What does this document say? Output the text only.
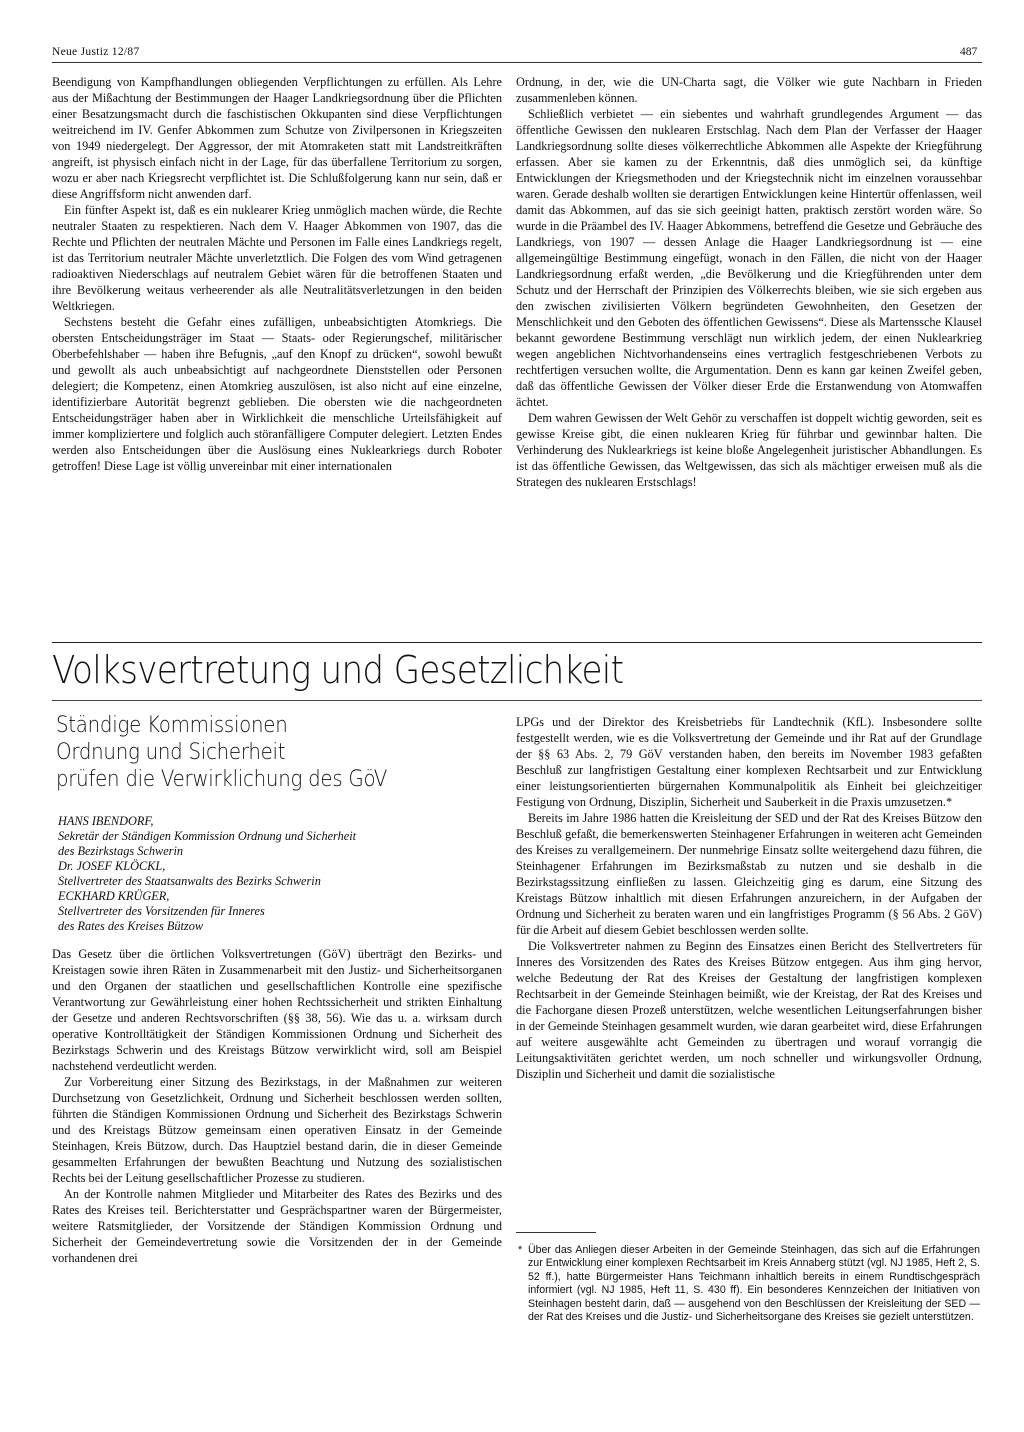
Neue Justiz 12/87	487

Beendigung von Kampfhandlungen obliegenden Verpflichtungen zu erfüllen. Als Lehre aus der Mißachtung der Bestimmungen der Haager Landkriegsordnung über die Pflichten einer Besatzungsmacht durch die faschistischen Okkupanten sind diese Verpflichtungen weitreichend im IV. Genfer Abkommen zum Schutze von Zivilpersonen in Kriegszeiten von 1949 niedergelegt. Der Aggressor, der mit Atomraketen statt mit Landstreitkräften angreift, ist physisch einfach nicht in der Lage, für das überfallene Territorium zu sorgen, wozu er aber nach Kriegsrecht verpflichtet ist. Die Schlußfolgerung kann nur sein, daß er diese Angriffsform nicht anwenden darf.

Ein fünfter Aspekt ist, daß es ein nuklearer Krieg unmöglich machen würde, die Rechte neutraler Staaten zu respektieren. Nach dem V. Haager Abkommen von 1907, das die Rechte und Pflichten der neutralen Mächte und Personen im Falle eines Landkriegs regelt, ist das Territorium neutraler Mächte unverletztlich. Die Folgen des vom Wind getragenen radioaktiven Niederschlags auf neutralem Gebiet wären für die betroffenen Staaten und ihre Bevölkerung weitaus verheerender als alle Neutralitätsverletzungen in den beiden Weltkriegen.

Sechstens besteht die Gefahr eines zufälligen, unbeabsichtigten Atomkriegs. Die obersten Entscheidungsträger im Staat — Staats- oder Regierungschef, militärischer Oberbefehlshaber — haben ihre Befugnis, „auf den Knopf zu drücken“, sowohl bewußt und gewollt als auch unbeabsichtigt auf nachgeordnete Dienststellen oder Personen delegiert; die Kompetenz, einen Atomkrieg auszulösen, ist also nicht auf eine einzelne, identifizierbare Autorität begrenzt geblieben. Die obersten wie die nachgeordneten Entscheidungsträger haben aber in Wirklichkeit die menschliche Urteilsfähigkeit auf immer kompliziertere und folglich auch störanfälligere Computer delegiert. Letzten Endes werden also Entscheidungen über die Auslösung eines Nuklearkriegs durch Roboter getroffen! Diese Lage ist völlig unvereinbar mit einer internationalen

Ordnung, in der, wie die UN-Charta sagt, die Völker wie gute Nachbarn in Frieden zusammenleben können.

Schließlich verbietet — ein siebentes und wahrhaft grundlegendes Argument — das öffentliche Gewissen den nuklearen Erstschlag. Nach dem Plan der Verfasser der Haager Landkriegsordnung sollte dieses völkerrechtliche Abkommen alle Aspekte der Kriegführung erfassen. Aber sie kamen zu der Erkenntnis, daß dies unmöglich sei, da künftige Entwicklungen der Kriegsmethoden und der Kriegstechnik nicht im einzelnen voraussehbar waren. Gerade deshalb wollten sie derartigen Entwicklungen keine Hintertür offenlassen, weil damit das Abkommen, auf das sie sich geeinigt hatten, praktisch zerstört worden wäre. So wurde in die Präambel des IV. Haager Abkommens, betreffend die Gesetze und Gebräuche des Landkriegs, von 1907 — dessen Anlage die Haager Landkriegsordnung ist — eine allgemeingültige Bestimmung eingefügt, wonach in den Fällen, die nicht von der Haager Landkriegsordnung erfaßt werden, „die Bevölkerung und die Kriegführenden unter dem Schutz und der Herrschaft der Prinzipien des Völkerrechts bleiben, wie sie sich ergeben aus den zwischen zivilisierten Völkern begründeten Gewohnheiten, den Gesetzen der Menschlichkeit und den Geboten des öffentlichen Gewissens“. Diese als Martenssche Klausel bekannt gewordene Bestimmung verschlägt nun wirklich jedem, der einen Nuklearkrieg wegen angeblichen Nichtvorhandenseins eines vertraglich festgeschriebenen Verbots zu rechtfertigen versuchen wollte, die Argumentation. Denn es kann gar keinen Zweifel geben, daß das öffentliche Gewissen der Völker dieser Erde die Erstanwendung von Atomwaffen ächtet.

Dem wahren Gewissen der Welt Gehör zu verschaffen ist doppelt wichtig geworden, seit es gewisse Kreise gibt, die einen nuklearen Krieg für führbar und gewinnbar halten. Die Verhinderung des Nuklearkriegs ist keine bloße Angelegenheit juristischer Abhandlungen. Es ist das öffentliche Gewissen, das Weltgewissen, das sich als mächtiger erweisen muß als die Strategen des nuklearen Erstschlags!

Volksvertretung und Gesetzlichkeit
Ständige Kommissionen
Ordnung und Sicherheit
prüfen die Verwirklichung des GöV
HANS IBENDORF,
Sekretär der Ständigen Kommission Ordnung und Sicherheit
des Bezirkstags Schwerin
Dr. JOSEF KLÖCKL,
Stellvertreter des Staatsanwalts des Bezirks Schwerin
ECKHARD KRÜGER,
Stellvertreter des Vorsitzenden für Inneres
des Rates des Kreises Bützow

Das Gesetz über die örtlichen Volksvertretungen (GöV) überträgt den Bezirks- und Kreistagen sowie ihren Räten in Zusammenarbeit mit den Justiz- und Sicherheitsorganen und den Organen der staatlichen und gesellschaftlichen Kontrolle eine spezifische Verantwortung zur Gewährleistung einer hohen Rechtssicherheit und strikten Einhaltung der Gesetze und anderen Rechtsvorschriften (§§ 38, 56). Wie das u. a. wirksam durch operative Kontrolltätigkeit der Ständigen Kommissionen Ordnung und Sicherheit des Bezirkstags Schwerin und des Kreistags Bützow verwirklicht wird, soll am Beispiel nachstehend verdeutlicht werden.

Zur Vorbereitung einer Sitzung des Bezirkstags, in der Maßnahmen zur weiteren Durchsetzung von Gesetzlichkeit, Ordnung und Sicherheit beschlossen werden sollten, führten die Ständigen Kommissionen Ordnung und Sicherheit des Bezirkstags Schwerin und des Kreistags Bützow gemeinsam einen operativen Einsatz in der Gemeinde Steinhagen, Kreis Bützow, durch. Das Hauptziel bestand darin, die in dieser Gemeinde gesammelten Erfahrungen der bewußten Beachtung und Nutzung des sozialistischen Rechts bei der Leitung gesellschaftlicher Prozesse zu studieren.

An der Kontrolle nahmen Mitglieder und Mitarbeiter des Rates des Bezirks und des Rates des Kreises teil. Berichterstatter und Gesprächspartner waren der Bürgermeister, weitere Ratsmitglieder, der Vorsitzende der Ständigen Kommission Ordnung und Sicherheit der Gemeindevertretung sowie die Vorsitzenden der in der Gemeinde vorhandenen drei

LPGs und der Direktor des Kreisbetriebs für Landtechnik (KfL). Insbesondere sollte festgestellt werden, wie es die Volksvertretung der Gemeinde und ihr Rat auf der Grundlage der §§ 63 Abs. 2, 79 GöV verstanden haben, den bereits im November 1983 gefaßten Beschluß zur langfristigen Gestaltung einer komplexen Rechtsarbeit und zur Entwicklung einer leistungsorientierten bürgernahen Kommunalpolitik als Einheit bei gleichzeitiger Festigung von Ordnung, Disziplin, Sicherheit und Sauberkeit in die Praxis umzusetzen.*

Bereits im Jahre 1986 hatten die Kreisleitung der SED und der Rat des Kreises Bützow den Beschluß gefaßt, die bemerkenswerten Steinhagener Erfahrungen in weiteren acht Gemeinden des Kreises zu verallgemeinern. Der nunmehrige Einsatz sollte weitergehend dazu führen, die Steinhagener Erfahrungen im Bezirksmaßstab zu nutzen und sie deshalb in die Bezirkstagssitzung einfließen zu lassen. Gleichzeitig ging es darum, eine Sitzung des Kreistags Bützow inhaltlich mit diesen Erfahrungen anzureichern, in der Aufgaben der Ordnung und Sicherheit zu beraten waren und ein langfristiges Programm (§ 56 Abs. 2 GöV) für die Arbeit auf diesem Gebiet beschlossen werden sollte.

Die Volksvertreter nahmen zu Beginn des Einsatzes einen Bericht des Stellvertreters für Inneres des Vorsitzenden des Rates des Kreises Bützow entgegen. Aus ihm ging hervor, welche Bedeutung der Rat des Kreises der Gestaltung der langfristigen komplexen Rechtsarbeit in der Gemeinde Steinhagen beimißt, wie der Kreistag, der Rat des Kreises und die Fachorgane diesen Prozeß unterstützen, welche wesentlichen Leitungserfahrungen bisher in der Gemeinde Steinhagen gesammelt wurden, wie daran gearbeitet wird, diese Erfahrungen auf weitere ausgewählte acht Gemeinden zu übertragen und worauf vorrangig die Leitungsaktivitäten gerichtet werden, um noch schneller und wirkungsvoller Ordnung, Disziplin und Sicherheit und damit die sozialistische

* Über das Anliegen dieser Arbeiten in der Gemeinde Steinhagen, das sich auf die Erfahrungen zur Entwicklung einer komplexen Rechtsarbeit im Kreis Annaberg stützt (vgl. NJ 1985, Heft 2, S. 52 ff.), hatte Bürgermeister Hans Teichmann inhaltlich bereits in einem Rundtischgespräch informiert (vgl. NJ 1985, Heft 11, S. 430 ff). Ein besonderes Kennzeichen der Initiativen von Steinhagen besteht darin, daß — ausgehend von den Beschlüssen der Kreisleitung der SED — der Rat des Kreises und die Justiz- und Sicherheitsorgane des Kreises sie gezielt unterstützen.
